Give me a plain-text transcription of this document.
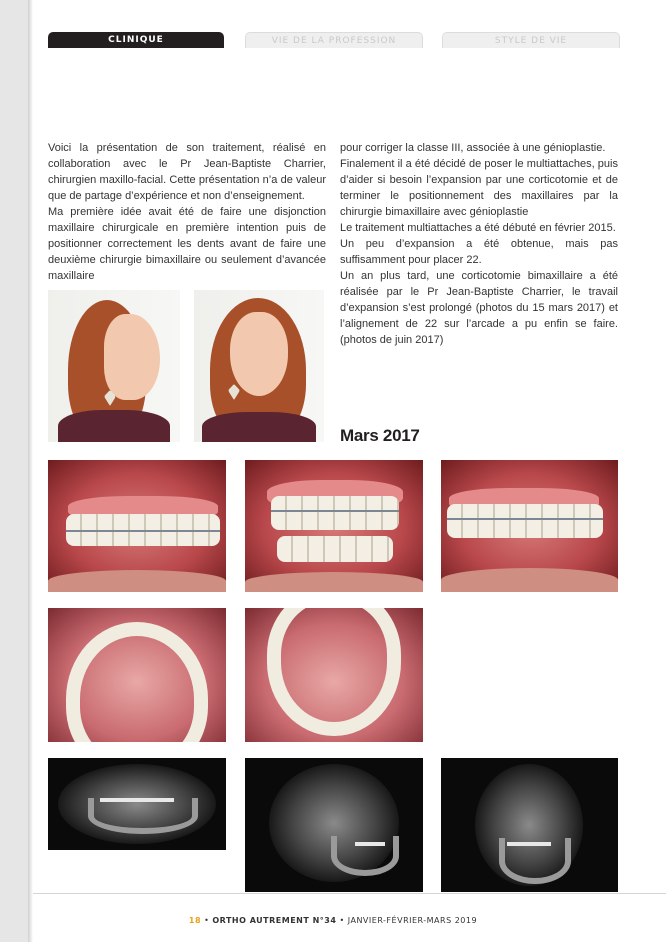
CLINIQUE	VIE DE LA PROFESSION	STYLE DE VIE

Voici la présentation de son traitement, réalisé en collaboration avec le Pr Jean-Baptiste Charrier, chirurgien maxillo-facial. Cette présentation n’a de valeur que de partage d’expérience et non d’enseignement.

Ma première idée avait été de faire une disjonction maxillaire chirurgicale en première intention puis de positionner correctement les dents avant de faire une deuxième chirurgie bimaxillaire ou seulement d’avancée maxillaire

pour corriger la classe III, associée à une génioplastie.

Finalement il a été décidé de poser le multiattaches, puis d’aider si besoin l’expansion par une corticotomie et de terminer le positionnement des maxillaires par la chirurgie bimaxillaire avec génioplastie

Le traitement multiattaches a été débuté en février 2015.

Un peu d’expansion a été obtenue, mais pas suffisamment pour placer 22.

Un an plus tard, une corticotomie bimaxillaire a été réalisée par le Pr Jean-Baptiste Charrier, le travail d’expansion s’est prolongé (photos du 15 mars 2017) et l’alignement de 22 sur l’arcade a pu enfin se faire. (photos de juin 2017)

Mars 2017
18 • ORTHO AUTREMENT N°34 • JANVIER-FÉVRIER-MARS 2019
